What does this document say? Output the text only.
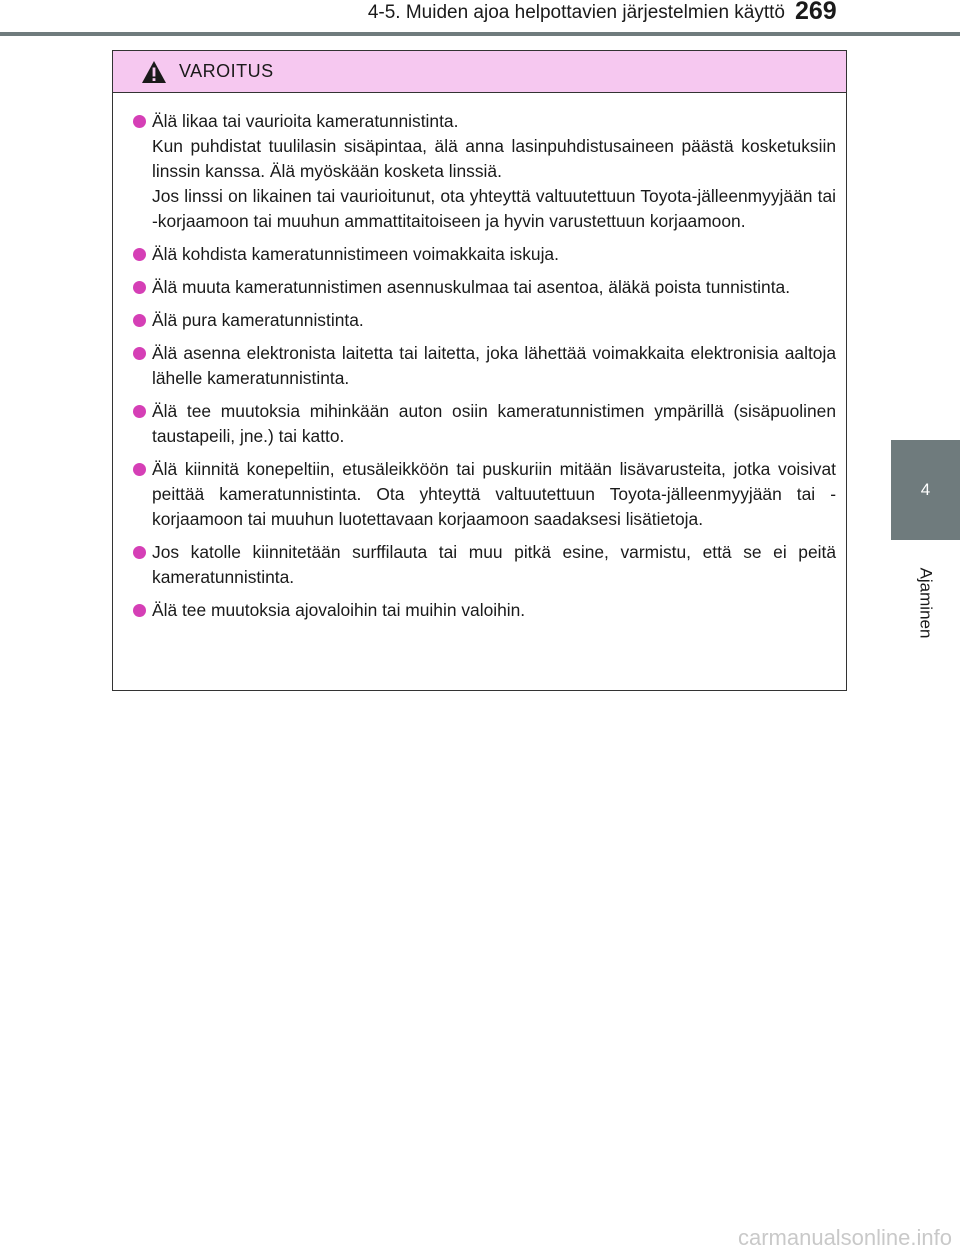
4-5. Muiden ajoa helpottavien järjestelmien käyttö 269
4
Ajaminen
VAROITUS

Älä likaa tai vaurioita kameratunnistinta.

Kun puhdistat tuulilasin sisäpintaa, älä anna lasinpuhdistusaineen päästä kosketuksiin linssin kanssa. Älä myöskään kosketa linssiä.

Jos linssi on likainen tai vaurioitunut, ota yhteyttä valtuutettuun Toyota-jälleenmyyjään tai -korjaamoon tai muuhun ammattitaitoiseen ja hyvin varustettuun korjaamoon.

Älä kohdista kameratunnistimeen voimakkaita iskuja.

Älä muuta kameratunnistimen asennuskulmaa tai asentoa, äläkä poista tunnistinta.

Älä pura kameratunnistinta.

Älä asenna elektronista laitetta tai laitetta, joka lähettää voimakkaita elektronisia aaltoja lähelle kameratunnistinta.

Älä tee muutoksia mihinkään auton osiin kameratunnistimen ympärillä (sisäpuolinen taustapeili, jne.) tai katto.

Älä kiinnitä konepeltiin, etusäleikköön tai puskuriin mitään lisävarusteita, jotka voisivat peittää kameratunnistinta. Ota yhteyttä valtuutettuun Toyota-jälleenmyyjään tai -korjaamoon tai muuhun luotettavaan korjaamoon saadaksesi lisätietoja.

Jos katolle kiinnitetään surffilauta tai muu pitkä esine, varmistu, että se ei peitä kameratunnistinta.

Älä tee muutoksia ajovaloihin tai muihin valoihin.

carmanualsonline.info
